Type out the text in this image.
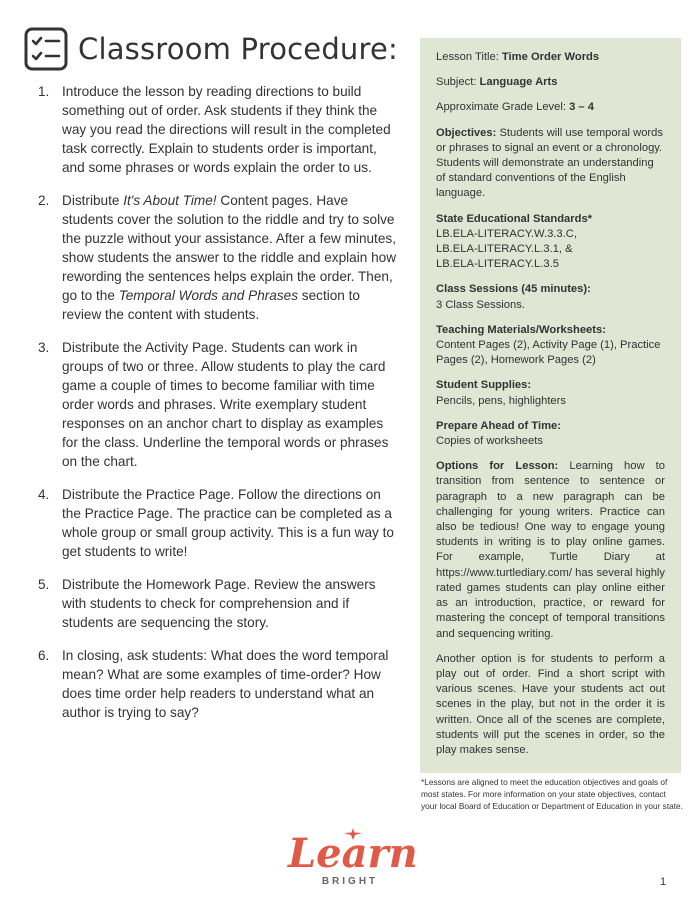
Classroom Procedure:
1. Introduce the lesson by reading directions to build something out of order. Ask students if they think the way you read the directions will result in the completed task correctly. Explain to students order is important, and some phrases or words explain the order to us.
2. Distribute It's About Time! Content pages. Have students cover the solution to the riddle and try to solve the puzzle without your assistance. After a few minutes, show students the answer to the riddle and explain how rewording the sentences helps explain the order. Then, go to the Temporal Words and Phrases section to review the content with students.
3. Distribute the Activity Page. Students can work in groups of two or three. Allow students to play the card game a couple of times to become familiar with time order words and phrases. Write exemplary student responses on an anchor chart to display as examples for the class. Underline the temporal words or phrases on the chart.
4. Distribute the Practice Page. Follow the directions on the Practice Page. The practice can be completed as a whole group or small group activity. This is a fun way to get students to write!
5. Distribute the Homework Page. Review the answers with students to check for comprehension and if students are sequencing the story.
6. In closing, ask students: What does the word temporal mean? What are some examples of time-order? How does time order help readers to understand what an author is trying to say?
Lesson Title: Time Order Words
Subject: Language Arts
Approximate Grade Level: 3 – 4
Objectives: Students will use temporal words or phrases to signal an event or a chronology. Students will demonstrate an understanding of standard conventions of the English language.
State Educational Standards*
LB.ELA-LITERACY.W.3.3.C,
LB.ELA-LITERACY.L.3.1, &
LB.ELA-LITERACY.L.3.5
Class Sessions (45 minutes):
3 Class Sessions.
Teaching Materials/Worksheets:
Content Pages (2), Activity Page (1), Practice Pages (2), Homework Pages (2)
Student Supplies:
Pencils, pens, highlighters
Prepare Ahead of Time:
Copies of worksheets
Options for Lesson: Learning how to transition from sentence to sentence or paragraph to a new paragraph can be challenging for young writers. Practice can also be tedious! One way to engage young students in writing is to play online games. For example, Turtle Diary at https://www.turtlediary.com/ has several highly rated games students can play online either as an introduction, practice, or reward for mastering the concept of temporal transitions and sequencing writing.
Another option is for students to perform a play out of order. Find a short script with various scenes. Have your students act out scenes in the play, but not in the order it is written. Once all of the scenes are complete, students will put the scenes in order, so the play makes sense.
*Lessons are aligned to meet the education objectives and goals of most states. For more information on your state objectives, contact your local Board of Education or Department of Education in your state.
Learn
BRIGHT	1
